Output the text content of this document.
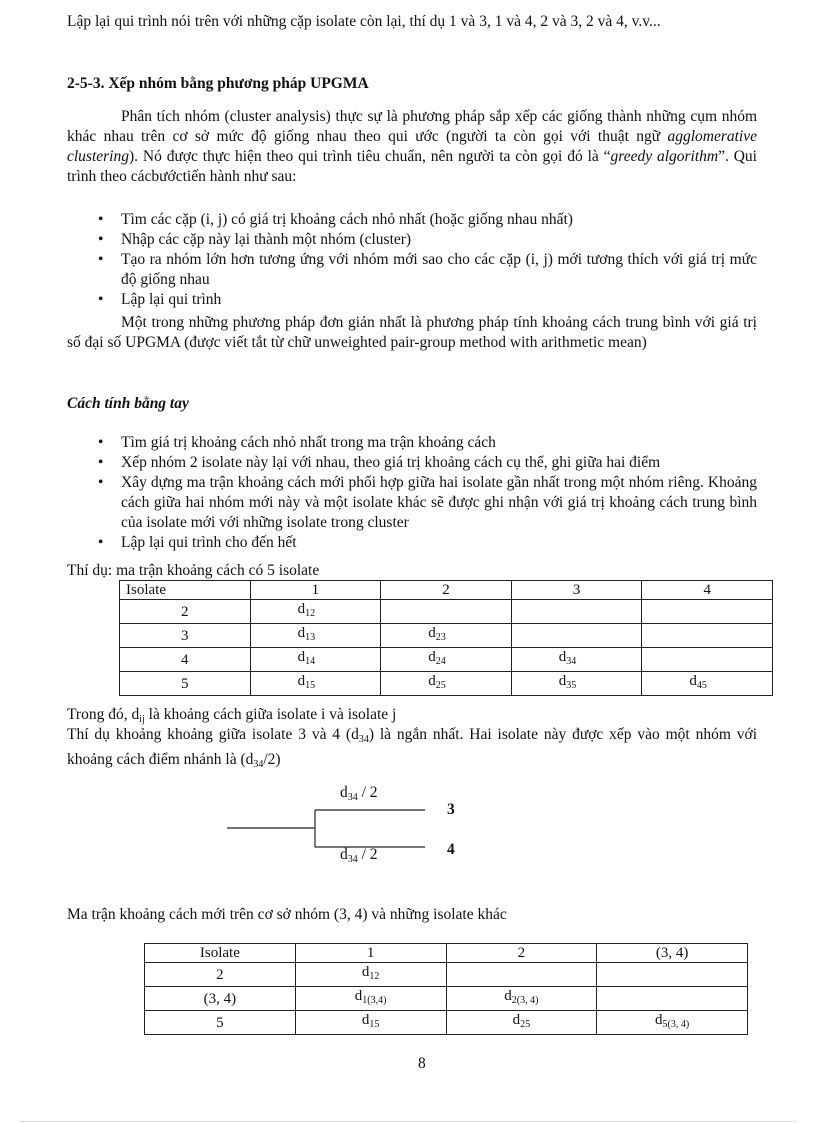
Lập lại qui trình nói trên với những cặp isolate còn lại, thí dụ 1 và 3, 1 và 4, 2 và 3, 2 và 4, v.v...

2-5-3. Xếp nhóm bằng phương pháp UPGMA

Phân tích nhóm (cluster analysis) thực sự là phương pháp sắp xếp các giống thành những cụm nhóm khác nhau trên cơ sở mức độ giống nhau theo qui ước (người ta còn gọi với thuật ngữ agglomerative clustering). Nó được thực hiện theo qui trình tiêu chuẩn, nên người ta còn gọi đó là “greedy algorithm”. Qui trình theo cácbướctiến hành như sau:

• Tìm các cặp (i, j) có giá trị khoảng cách nhỏ nhất (hoặc giống nhau nhất)
• Nhập các cặp này lại thành một nhóm (cluster)
• Tạo ra nhóm lớn hơn tương ứng với nhóm mới sao cho các cặp (i, j) mới tương thích với giá trị mức độ giống nhau
• Lập lại qui trình

Một trong những phương pháp đơn giản nhất là phương pháp tính khoảng cách trung bình với giá trị số đại số UPGMA (được viết tắt từ chữ unweighted pair-group method with arithmetic mean)

Cách tính bằng tay
• Tìm giá trị khoảng cách nhỏ nhất trong ma trận khoảng cách
• Xếp nhóm 2 isolate này lại với nhau, theo giá trị khoảng cách cụ thể, ghi giữa hai điểm
• Xây dựng ma trận khoảng cách mới phối hợp giữa hai isolate gần nhất trong một nhóm riêng. Khoảng cách giữa hai nhóm mới này và một isolate khác sẽ được ghi nhận với giá trị khoảng cách trung bình của isolate mới với những isolate trong cluster
• Lập lại qui trình cho đến hết

Thí dụ: ma trận khoảng cách có 5 isolate

Isolate	1	2	3	4
2	$d_{12}$			
3	$d_{13}$	$d_{23}$		
4	$d_{14}$	$d_{24}$	$d_{34}$	
5	$d_{15}$	$d_{25}$	$d_{35}$	$d_{45}$

Trong đó, $d_{ij}$ là khoảng cách giữa isolate i và isolate j

Thí dụ khoảng khoảng giữa isolate 3 và 4 $(d_{34})$ là ngắn nhất. Hai isolate này được xếp vào một nhóm với khoảng cách điểm nhánh là $(d_{34}/2)$

$d_{34} / 2$
$d_{34} / 2$
3
4

Ma trận khoảng cách mới trên cơ sở nhóm (3, 4) và những isolate khác

Isolate	1	2	(3, 4)
2	$d_{12}$		
(3, 4)	$d_{1(3,4)}$	$d_{2(3, 4)}$	
5	$d_{15}$	$d_{25}$	$d_{5(3, 4)}$
8
